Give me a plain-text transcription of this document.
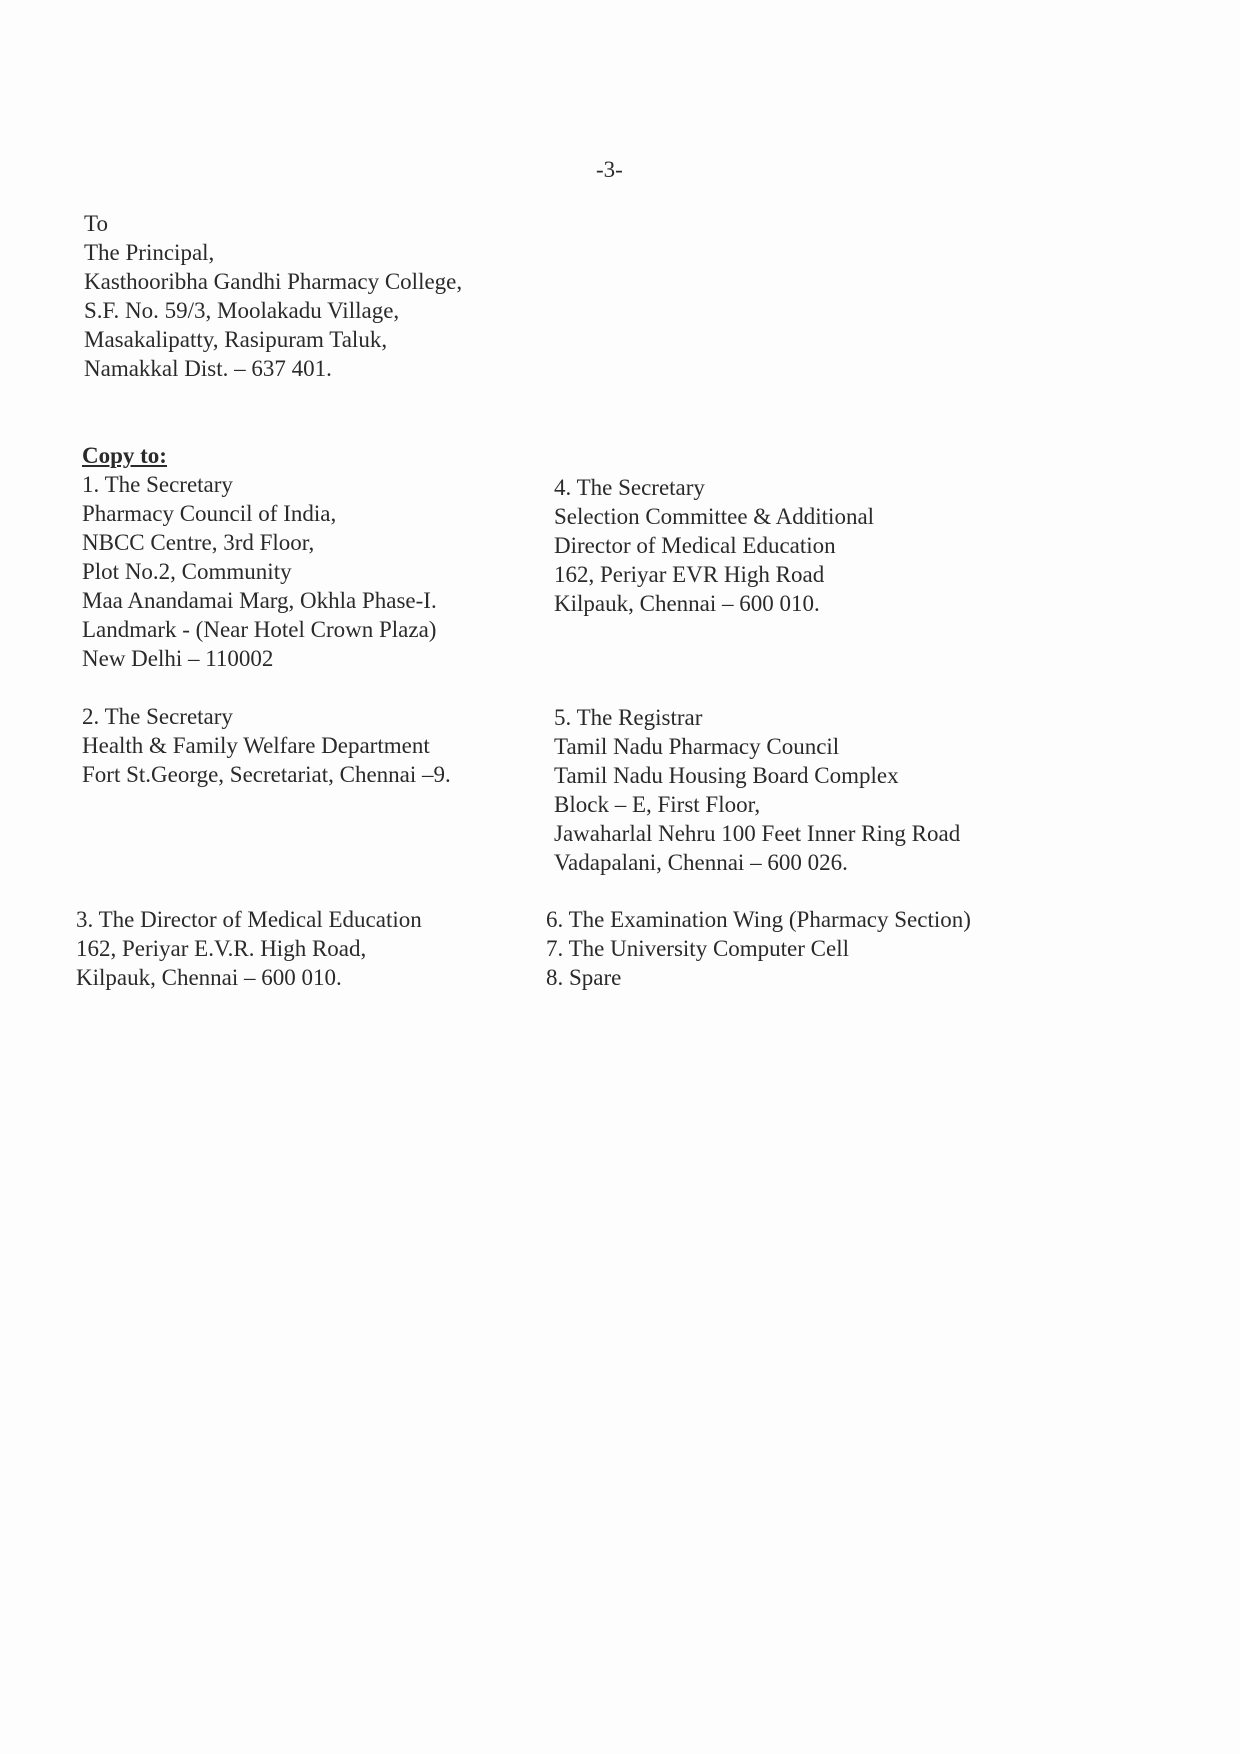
-3-
To
The Principal,
Kasthooribha Gandhi Pharmacy College,
S.F. No. 59/3, Moolakadu Village,
Masakalipatty, Rasipuram Taluk,
Namakkal Dist. – 637 401.
Copy to:
1. The Secretary
Pharmacy Council of India,
NBCC Centre, 3rd Floor,
Plot No.2, Community
Maa Anandamai Marg, Okhla Phase-I.
Landmark - (Near Hotel Crown Plaza)
New Delhi – 110002
2. The Secretary
Health & Family Welfare Department
Fort St.George, Secretariat, Chennai –9.
3. The Director of Medical Education
162, Periyar E.V.R. High Road,
Kilpauk, Chennai – 600 010.
4. The Secretary
Selection Committee & Additional
Director of Medical Education
162, Periyar EVR High Road
Kilpauk, Chennai – 600 010.
5. The Registrar
Tamil Nadu Pharmacy Council
Tamil Nadu Housing Board Complex
Block – E, First Floor,
Jawaharlal Nehru 100 Feet Inner Ring Road
Vadapalani, Chennai – 600 026.
6. The Examination Wing (Pharmacy Section)
7. The University Computer Cell
8. Spare
